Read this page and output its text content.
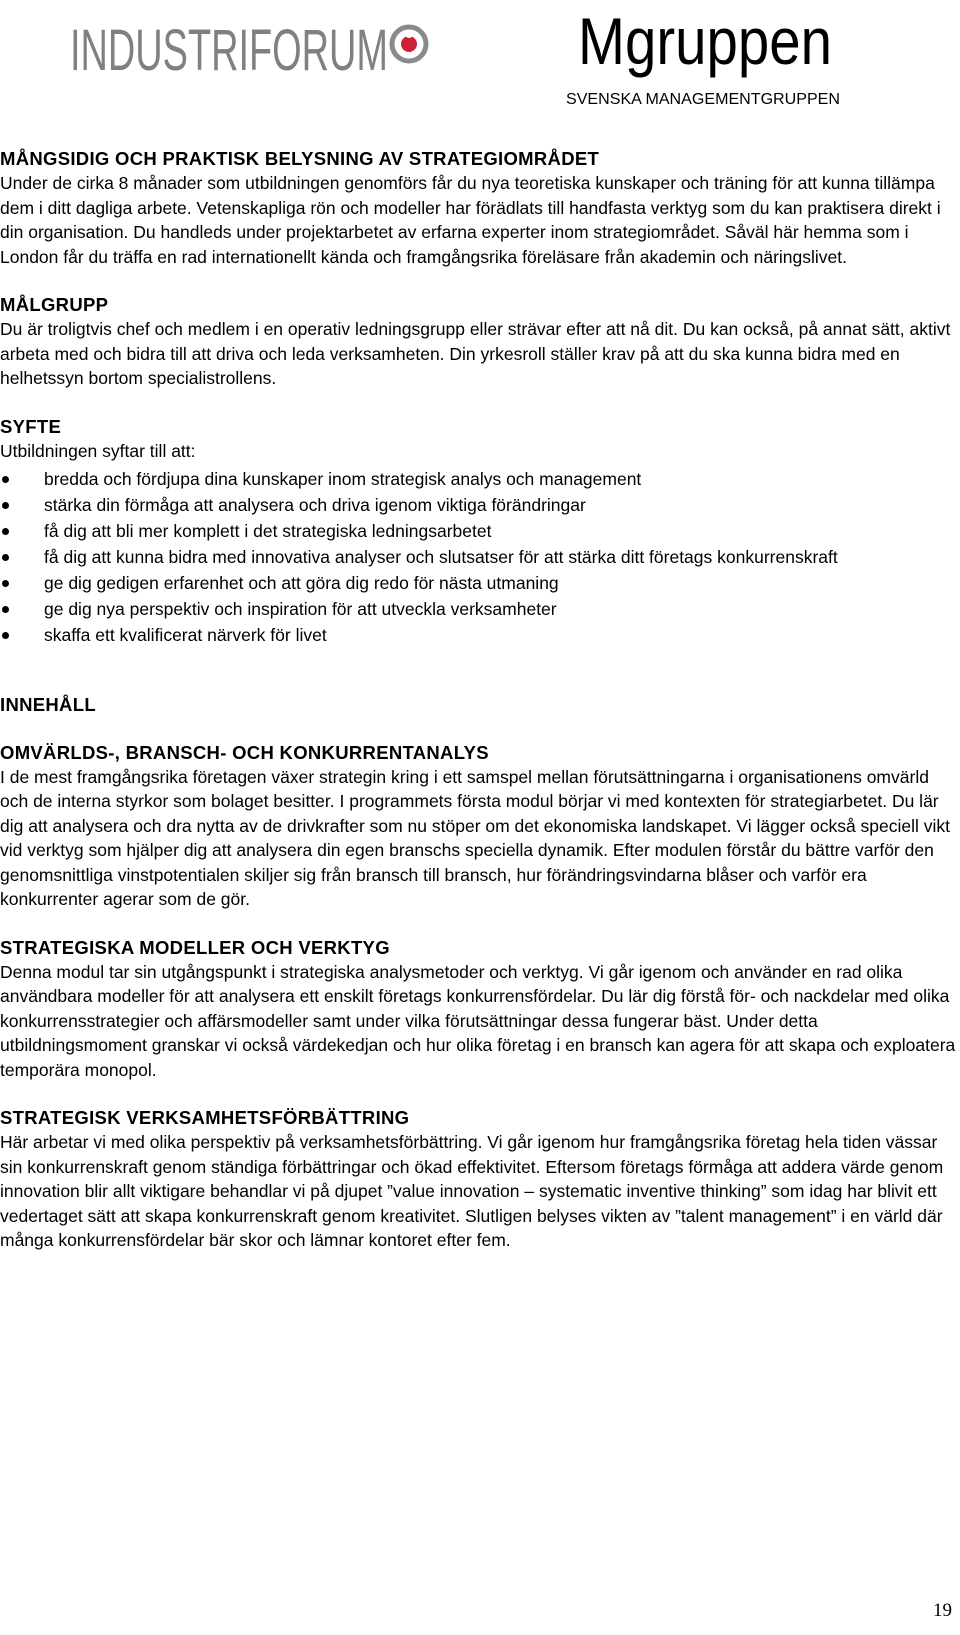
INDUSTRIFORUM	Mgruppen
SVENSKA MANAGEMENTGRUPPEN
MÅNGSIDIG OCH PRAKTISK BELYSNING AV STRATEGIOMRÅDET

Under de cirka 8 månader som utbildningen genomförs får du nya teoretiska kunskaper och träning för att kunna tillämpa dem i ditt dagliga arbete. Vetenskapliga rön och modeller har förädlats till handfasta verktyg som du kan praktisera direkt i din organisation. Du handleds under projektarbetet av erfarna experter inom strategiområdet. Såväl här hemma som i London får du träffa en rad internationellt kända och framgångsrika föreläsare från akademin och näringslivet.

MÅLGRUPP

Du är troligtvis chef och medlem i en operativ ledningsgrupp eller strävar efter att nå dit. Du kan också, på annat sätt, aktivt arbeta med och bidra till att driva och leda verksamheten. Din yrkesroll ställer krav på att du ska kunna bidra med en helhetssyn bortom specialistrollens.

SYFTE

Utbildningen syftar till att:

bredda och fördjupa dina kunskaper inom strategisk analys och management
stärka din förmåga att analysera och driva igenom viktiga förändringar
få dig att bli mer komplett i det strategiska ledningsarbetet
få dig att kunna bidra med innovativa analyser och slutsatser för att stärka ditt företags konkurrenskraft
ge dig gedigen erfarenhet och att göra dig redo för nästa utmaning
ge dig nya perspektiv och inspiration för att utveckla verksamheter
skaffa ett kvalificerat närverk för livet
INNEHÅLL
OMVÄRLDS-, BRANSCH- OCH KONKURRENTANALYS

I de mest framgångsrika företagen växer strategin kring i ett samspel mellan förutsättningarna i organisationens omvärld och de interna styrkor som bolaget besitter. I programmets första modul börjar vi med kontexten för strategiarbetet. Du lär dig att analysera och dra nytta av de drivkrafter som nu stöper om det ekonomiska landskapet. Vi lägger också speciell vikt vid verktyg som hjälper dig att analysera din egen branschs speciella dynamik. Efter modulen förstår du bättre varför den genomsnittliga vinstpotentialen skiljer sig från bransch till bransch, hur förändringsvindarna blåser och varför era konkurrenter agerar som de gör.

STRATEGISKA MODELLER OCH VERKTYG

Denna modul tar sin utgångspunkt i strategiska analysmetoder och verktyg. Vi går igenom och använder en rad olika användbara modeller för att analysera ett enskilt företags konkurrensfördelar. Du lär dig förstå för- och nackdelar med olika konkurrensstrategier och affärsmodeller samt under vilka förutsättningar dessa fungerar bäst. Under detta utbildningsmoment granskar vi också värdekedjan och hur olika företag i en bransch kan agera för att skapa och exploatera temporära monopol.

STRATEGISK VERKSAMHETSFÖRBÄTTRING

Här arbetar vi med olika perspektiv på verksamhetsförbättring. Vi går igenom hur framgångsrika företag hela tiden vässar sin konkurrenskraft genom ständiga förbättringar och ökad effektivitet. Eftersom företags förmåga att addera värde genom innovation blir allt viktigare behandlar vi på djupet ”value innovation – systematic inventive thinking” som idag har blivit ett vedertaget sätt att skapa konkurrenskraft genom kreativitet. Slutligen belyses vikten av ”talent management” i en värld där många konkurrensfördelar bär skor och lämnar kontoret efter fem.

19
